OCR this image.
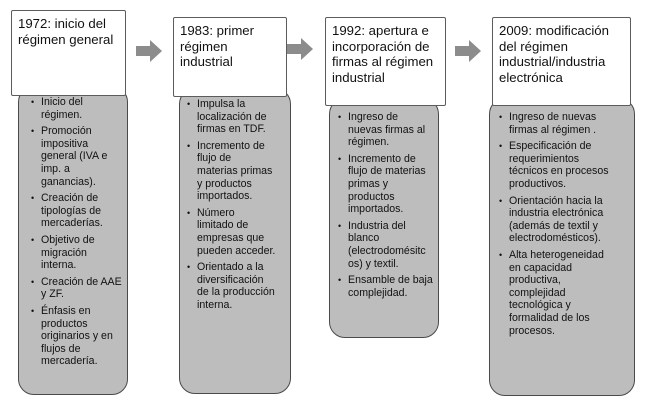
1972: inicio del
régimen general
• Inicio del
régimen.
• Promoción
impositiva
general (IVA e
imp. a ganancias).
• Creación de
tipologías de
mercaderías.
• Objetivo de
migración interna.
• Creación de AAE
y ZF.
• Énfasis en
productos
originarios y en
flujos de
mercadería.
1983: primer
régimen
industrial
• Impulsa la
localización de
firmas en TDF.
• Incremento de
flujo de
materias primas
y productos
importados.
• Número
limitado de
empresas que
pueden acceder.
• Orientado a la
diversificación
de la producción
interna.
1992: apertura e
incorporación de
firmas al régimen
industrial
• Ingreso de
nuevas firmas al
régimen.
• Incremento de
flujo de materias
primas y
productos
importados.
• Industria del
blanco
(electrodomésitc
os) y textil.
• Ensamble de baja
complejidad.
2009: modificación
del régimen
industrial/industria
electrónica
• Ingreso de nuevas
firmas al régimen .
• Especificación de
requerimientos
técnicos en procesos
productivos.
• Orientación hacia la
industria electrónica
(además de textil y
electrodomésticos).
• Alta heterogeneidad
en capacidad
productiva,
complejidad
tecnológica y
formalidad de los
procesos.
